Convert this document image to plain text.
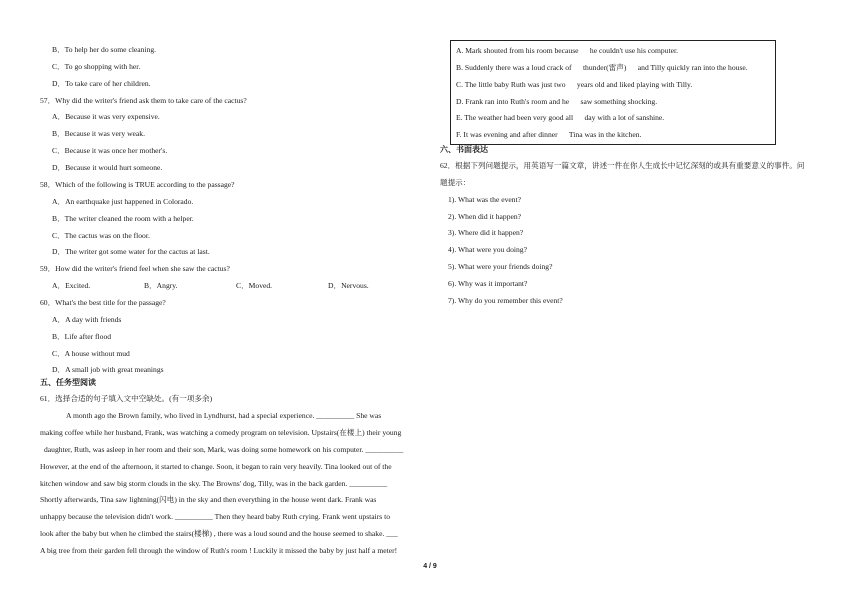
B．To help her do some cleaning.
C．To go shopping with her.
D．To take care of her children.
57．Why did the writer's friend ask them to take care of the cactus?
A．Because it was very expensive.
B．Because it was very weak.
C．Because it was once her mother's.
D．Because it would hurt someone.
58．Which of the following is TRUE according to the passage?
A．An earthquake just happened in Colorado.
B．The writer cleaned the room with a helper.
C．The cactus was on the floor.
D．The writer got some water for the cactus at last.
59．How did the writer's friend feel when she saw the cactus?
A．Excited.	B．Angry.	C．Moved.	D．Nervous.
60．What's the best title for the passage?
A．A day with friends
B．Life after flood
C．A house without mud
D．A small job with great meanings
五、任务型阅读
61．选择合适的句子填入文中空缺处。(有一项多余)
A month ago the Brown family, who lived in Lyndhurst, had a special experience. __________ She was
making coffee while her husband, Frank, was watching a comedy program on television. Upstairs(在楼上) their young
daughter, Ruth, was asleep in her room and their son, Mark, was doing some homework on his computer. __________
However, at the end of the afternoon, it started to change. Soon, it began to rain very heavily. Tina looked out of the
kitchen window and saw big storm clouds in the sky. The Browns' dog, Tilly, was in the back garden. __________
Shortly afterwards, Tina saw lightning(闪电) in the sky and then everything in the house went dark. Frank was
unhappy because the television didn't work. __________ Then they heard baby Ruth crying. Frank went upstairs to
look after the baby but when he climbed the stairs(楼梯) , there was a loud sound and the house seemed to shake. ___
A big tree from their garden fell through the window of Ruth's room ! Luckily it missed the baby by just half a meter!
A. Mark shouted from his room because      he couldn't use his computer.
B. Suddenly there was a loud crack of      thunder(雷声)      and Tilly quickly ran into the house.
C. The little baby Ruth was just two      years old and liked playing with Tilly.
D. Frank ran into Ruth's room and he      saw something shocking.
E. The weather had been very good all      day with a lot of sanshine.
F. It was evening and after dinner      Tina was in the kitchen.
六、书面表达
62．根据下列问题提示，用英语写一篇文章，讲述一件在你人生成长中记忆深刻的或具有重要意义的事件。问
题提示：
1). What was the event?
2). When did it happen?
3). Where did it happen?
4). What were you doing?
5). What were your friends doing?
6). Why was it important?
7). Why do you remember this event?
4 / 9
